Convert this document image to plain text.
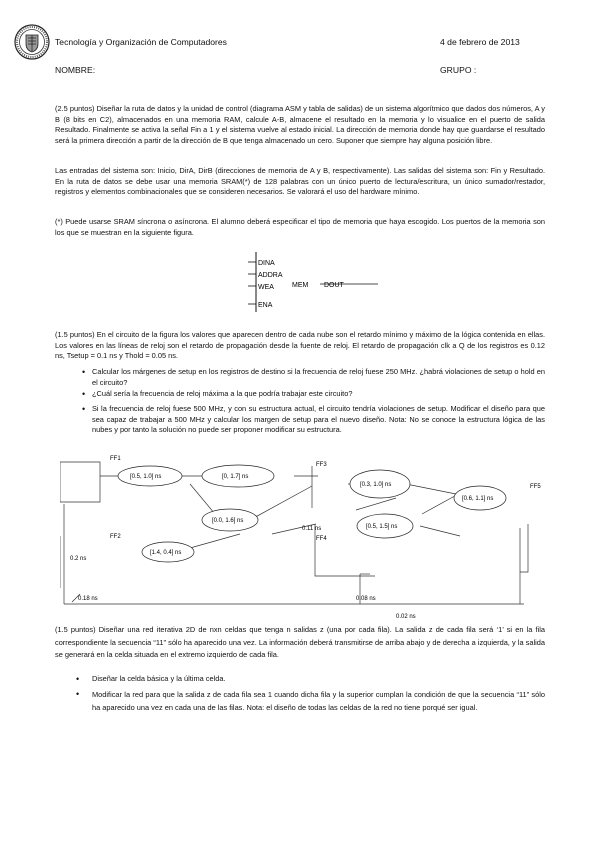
Tecnología y Organización de Computadores	4 de febrero de 2013
NOMBRE:	GRUPO :
(2.5 puntos) Diseñar la ruta de datos y la unidad de control (diagrama ASM y tabla de salidas) de un sistema algorítmico que dados dos números, A y B (8 bits en C2), almacenados en una memoria RAM, calcule A-B, almacene el resultado en la memoria y lo visualice en el puerto de salida Resultado. Finalmente se activa la señal Fin a 1 y el sistema vuelve al estado inicial. La dirección de memoria donde hay que guardarse el resultado será la primera dirección a partir de la dirección de B que tenga almacenado un cero. Suponer que siempre hay alguna posición libre.
Las entradas del sistema son: Inicio, DirA, DirB (direcciones de memoria de A y B, respectivamente). Las salidas del sistema son: Fin y Resultado. En la ruta de datos se debe usar una memoria SRAM(*) de 128 palabras con un único puerto de lectura/escritura, un único sumador/restador, registros y elementos combinacionales que se consideren necesarios. Se valorará el uso del hardware mínimo.
(*) Puede usarse SRAM síncrona o asíncrona. El alumno deberá especificar el tipo de memoria que haya escogido. Los puertos de la memoria son los que se muestran en la siguiente figura.
DINA
ADDRA
WEA
ENA
MEM DOUT
(1.5 puntos) En el circuito de la figura los valores que aparecen dentro de cada nube son el retardo mínimo y máximo de la lógica contenida en ellas. Los valores en las líneas de reloj son el retardo de propagación desde la fuente de reloj. El retardo de propagación clk a Q de los registros es 0.12 ns, Tsetup = 0.1 ns y Thold = 0.05 ns.
• Calcular los márgenes de setup en los registros de destino si la frecuencia de reloj fuese 250 MHz. ¿habrá violaciones de setup o hold en el circuito?
• ¿Cuál sería la frecuencia de reloj máxima a la que podría trabajar este circuito?
• Si la frecuencia de reloj fuese 500 MHz, y con su estructura actual, el circuito tendría violaciones de setup. Modificar el diseño para que sea capaz de trabajar a 500 MHz y calcular los margen de setup para el nuevo diseño. Nota: No se conoce la estructura lógica de las nubes y por tanto la solución no puede ser proponer modificar su estructura.
FF1
FF2
FF3
FF4
FF5
[0.5, 1.0] ns	[0, 1.7] ns
[0.3, 1.0] ns
[0.6, 1.1] ns
[0.0, 1.6] ns
[0.5, 1.5] ns
[1.4, 0.4] ns
0.2 ns
0.18 ns
0.11 ns
0.08 ns
0.02 ns
(1.5 puntos) Diseñar una red iterativa 2D de nxn celdas que tenga n salidas z (una por cada fila). La salida z de cada fila será ‘1’ si en la fila correspondiente la secuencia “11” sólo ha aparecido una vez. La información deberá transmitirse de arriba abajo y de derecha a izquierda, y la salida se generará en la celda situada en el extremo izquierdo de cada fila.
• Diseñar la celda básica y la última celda.
• Modificar la red para que la salida z de cada fila sea 1 cuando dicha fila y la superior cumplan la condición de que la secuencia “11” sólo ha aparecido una vez en cada una de las filas. Nota: el diseño de todas las celdas de la red no tiene porqué ser igual.
